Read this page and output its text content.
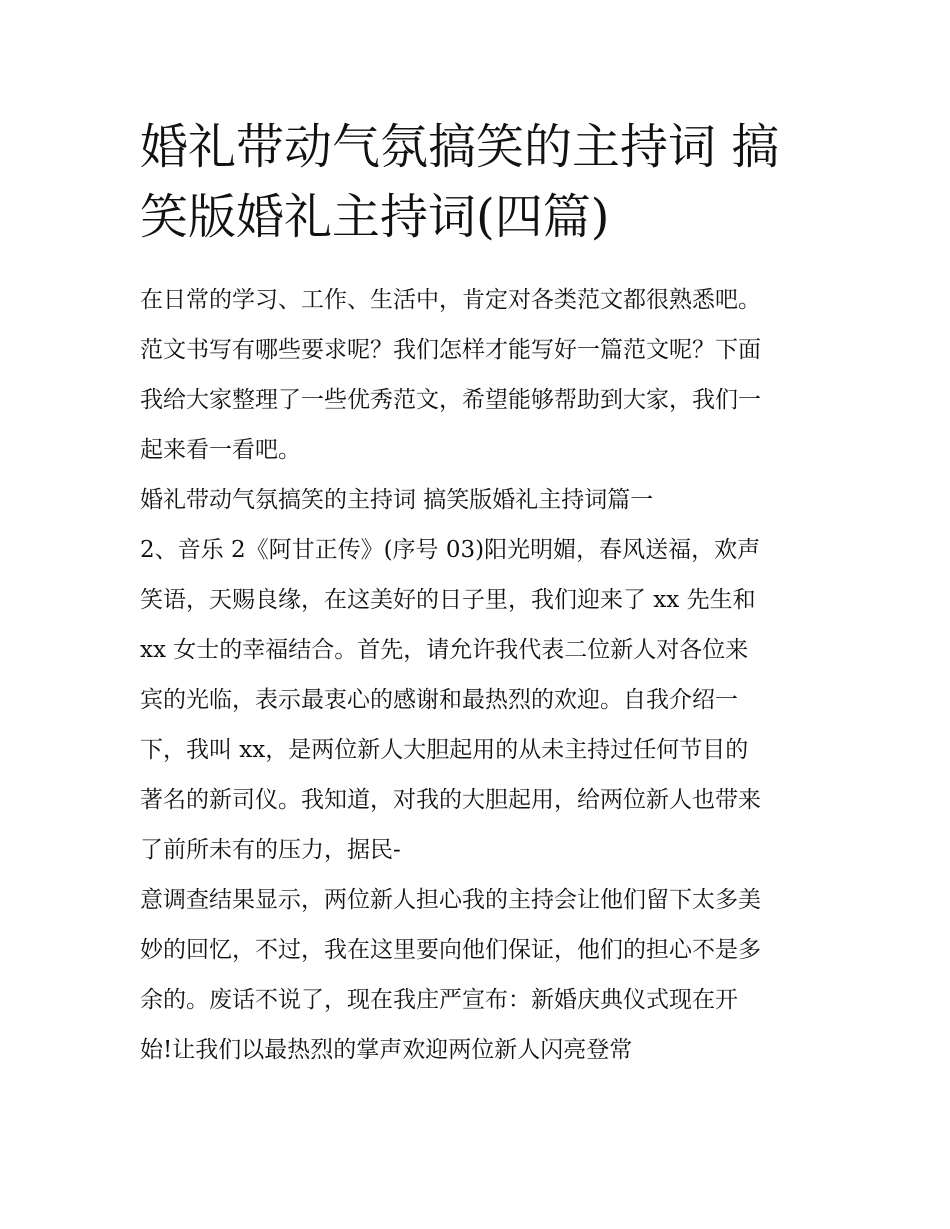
婚礼带动气氛搞笑的主持词 搞
笑版婚礼主持词(四篇)

在日常的学习、工作、生活中，肯定对各类范文都很熟悉吧。

范文书写有哪些要求呢？我们怎样才能写好一篇范文呢？下面

我给大家整理了一些优秀范文，希望能够帮助到大家，我们一

起来看一看吧。

婚礼带动气氛搞笑的主持词 搞笑版婚礼主持词篇一

2、音乐 2《阿甘正传》(序号 03)阳光明媚，春风送福，欢声

笑语，天赐良缘，在这美好的日子里，我们迎来了 xx 先生和

xx 女士的幸福结合。首先，请允许我代表二位新人对各位来

宾的光临，表示最衷心的感谢和最热烈的欢迎。自我介绍一

下，我叫 xx，是两位新人大胆起用的从未主持过任何节目的

著名的新司仪。我知道，对我的大胆起用，给两位新人也带来

了前所未有的压力，据民-

意调查结果显示，两位新人担心我的主持会让他们留下太多美

妙的回忆，不过，我在这里要向他们保证，他们的担心不是多

余的。废话不说了，现在我庄严宣布：新婚庆典仪式现在开

始!让我们以最热烈的掌声欢迎两位新人闪亮登常
